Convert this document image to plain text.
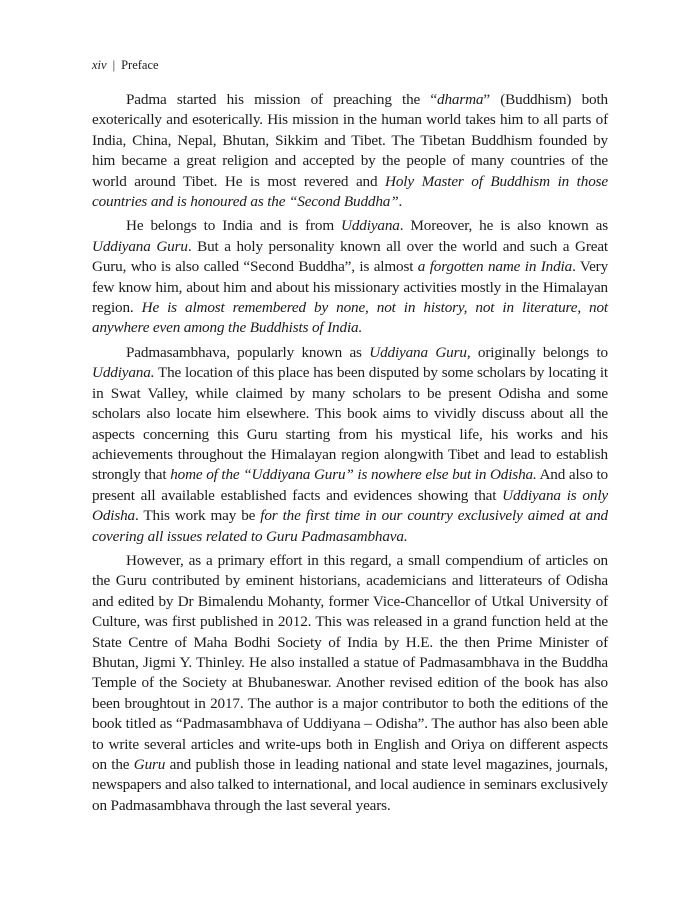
xiv | Preface

Padma started his mission of preaching the “dharma” (Buddhism) both exoterically and esoterically. His mission in the human world takes him to all parts of India, China, Nepal, Bhutan, Sikkim and Tibet. The Tibetan Buddhism founded by him became a great religion and accepted by the people of many countries of the world around Tibet. He is most revered and Holy Master of Buddhism in those countries and is honoured as the “Second Buddha”.

He belongs to India and is from Uddiyana. Moreover, he is also known as Uddiyana Guru. But a holy personality known all over the world and such a Great Guru, who is also called “Second Buddha”, is almost a forgotten name in India. Very few know him, about him and about his missionary activities mostly in the Himalayan region. He is almost remembered by none, not in history, not in literature, not anywhere even among the Buddhists of India.

Padmasambhava, popularly known as Uddiyana Guru, originally belongs to Uddiyana. The location of this place has been disputed by some scholars by locating it in Swat Valley, while claimed by many scholars to be present Odisha and some scholars also locate him elsewhere. This book aims to vividly discuss about all the aspects concerning this Guru starting from his mystical life, his works and his achievements throughout the Himalayan region alongwith Tibet and lead to establish strongly that home of the “Uddiyana Guru” is nowhere else but in Odisha. And also to present all available established facts and evidences showing that Uddiyana is only Odisha. This work may be for the first time in our country exclusively aimed at and covering all issues related to Guru Padmasambhava.

However, as a primary effort in this regard, a small compendium of articles on the Guru contributed by eminent historians, academicians and litterateurs of Odisha and edited by Dr Bimalendu Mohanty, former Vice-Chancellor of Utkal University of Culture, was first published in 2012. This was released in a grand function held at the State Centre of Maha Bodhi Society of India by H.E. the then Prime Minister of Bhutan, Jigmi Y. Thinley. He also installed a statue of Padmasambhava in the Buddha Temple of the Society at Bhubaneswar. Another revised edition of the book has also been broughtout in 2017. The author is a major contributor to both the editions of the book titled as “Padmasambhava of Uddiyana – Odisha”. The author has also been able to write several articles and write-ups both in English and Oriya on different aspects on the Guru and publish those in leading national and state level magazines, journals, newspapers and also talked to international, and local audience in seminars exclusively on Padmasambhava through the last several years.
